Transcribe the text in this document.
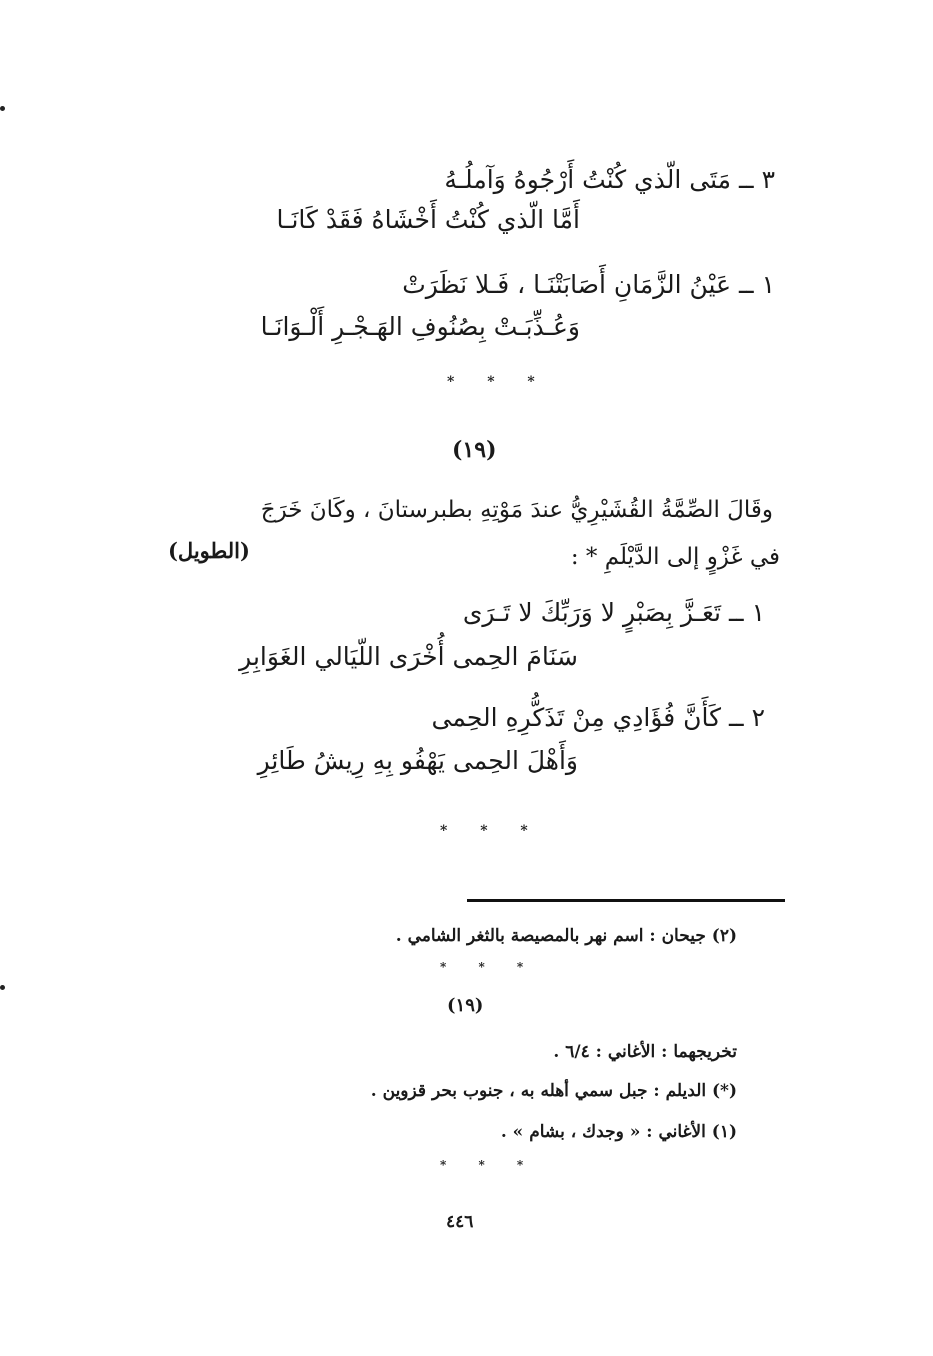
٣ ــ مَتَى الّذي كُنْتُ أَرْجُوهُ وَآملُـهُ
أَمَّا الّذي كُنْتُ أَخْشَاهُ فَقَدْ كَانَـا
١ ــ عَيْنُ الزَّمَانِ أَصَابَتْنَـا ، فَـلا نَظَرَتْ
وَعُـذِّبَـتْ بِصُنُوفِ الهَـجْـرِ أَلْـوَانَـا
* * *
(١٩)
وقَالَ الصِّمَّةُ القُشَيْرِيُّ عندَ مَوْتِهِ بطبرستانَ ، وكَانَ خَرَجَ
في غَزْوٍ إلى الدَّيْلَمِ * :
(الطويل)
١ ــ تَعَـزَّ بِصَبْرٍ لا وَرَبِّكَ لا تَـرَى
سَنَامَ الحِمى أُخْرَى اللّيَالي الغَوَابِرِ
٢ ــ كَأَنَّ فُؤَادِي مِنْ تَذَكُّرِهِ الحِمى
وَأَهْلَ الحِمى يَهْفُو بِهِ رِيشُ طَائِرِ
* * *
(٢) جيحان : اسم نهر بالمصيصة بالثغر الشامي .
* * *
(١٩)
تخريجهما : الأغاني : ٦/٤ .
(*) الديلم : جبل سمي أهله به ، جنوب بحر قزوين .
(١) الأغاني : « وجدك ، بشام » .
* * *
٤٤٦
